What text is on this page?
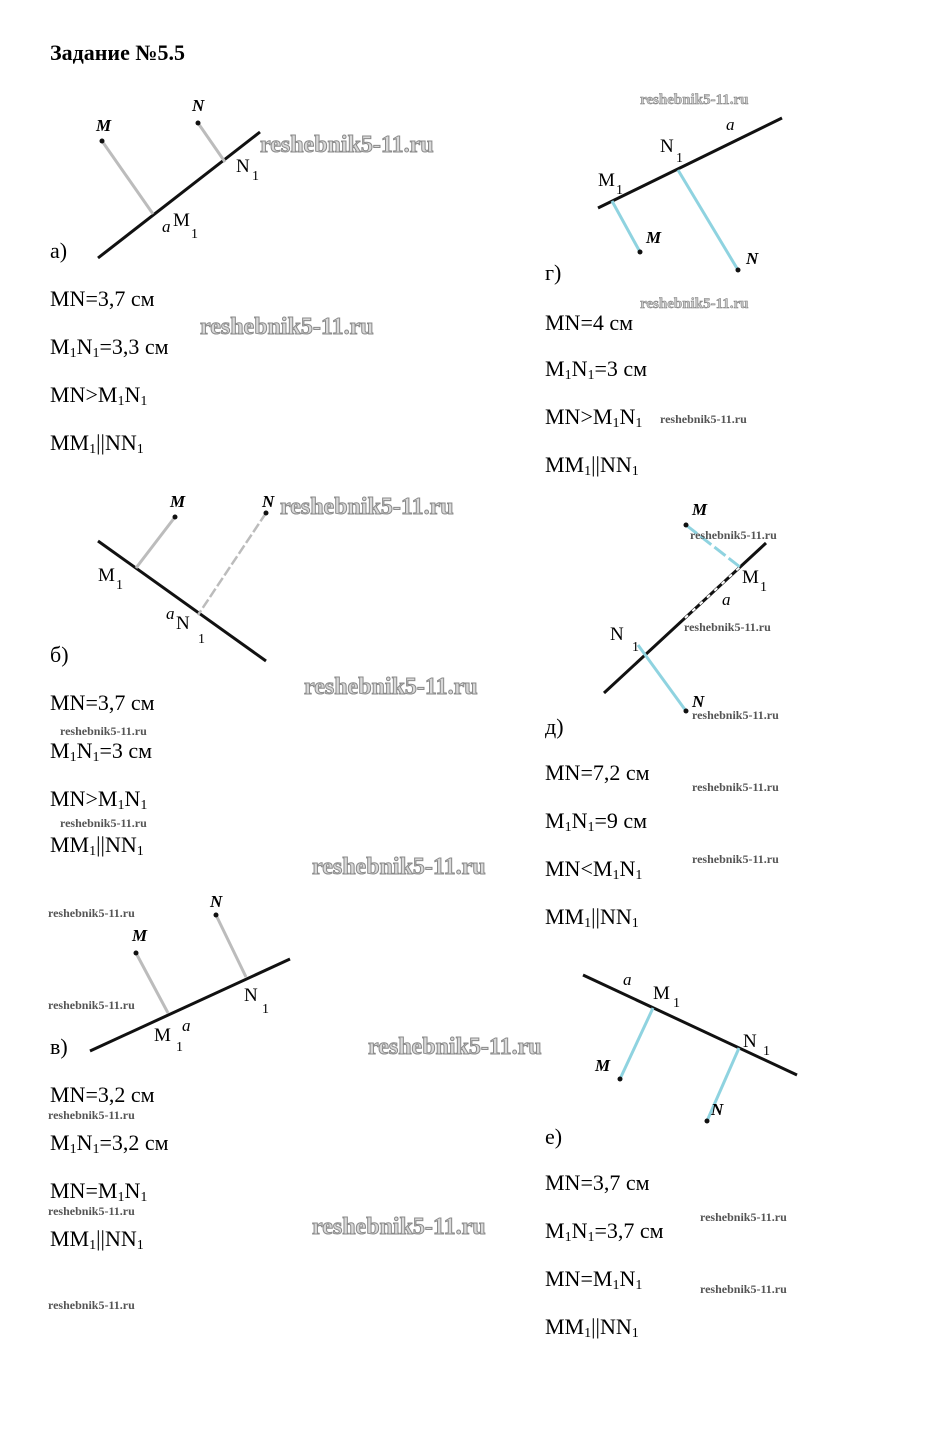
Задание №5.5
M
N
N 1
a M
1
reshebnik5-11.ru
а)
MN=3,7 см
$M_1N_1=3,3$ см
reshebnik5-11.ru
$MN>M_1N_1$
$MM_1||NN_1$
reshebnik5-11.ru
a
N
1
M 1
M
N
г)
reshebnik5-11.ru
MN=4 см
$M_1N_1=3$ см
$MN>M_1N_1$ reshebnik5-11.ru
$MM_1||NN_1$
M	N
M 1
a N
1
reshebnik5-11.ru
б)
MN=3,7 см
reshebnik5-11.ru
reshebnik5-11.ru
$M_1N_1=3$ см
$MN>M_1N_1$
reshebnik5-11.ru
$MM_1||NN_1$
M
M 1
a
N
1
N
reshebnik5-11.ru
reshebnik5-11.ru
reshebnik5-11.ru
д)
MN=7,2 см
reshebnik5-11.ru
$M_1N_1=9$ см
reshebnik5-11.ru
$MN<M_1N_1$
$MM_1||NN_1$
reshebnik5-11.ru
reshebnik5-11.ru
M
N
N
1
M
1
a
reshebnik5-11.ru
в)	reshebnik5-11.ru
MN=3,2 см
reshebnik5-11.ru
$M_1N_1=3,2$ см
$MN=M_1N_1$
reshebnik5-11.ru
$MM_1||NN_1$
reshebnik5-11.ru
reshebnik5-11.ru
a
M 1
N 1
M
N
е)
MN=3,7 см
reshebnik5-11.ru
$M_1N_1=3,7$ см
$MN=M_1N_1$	reshebnik5-11.ru
$MM_1||NN_1$
